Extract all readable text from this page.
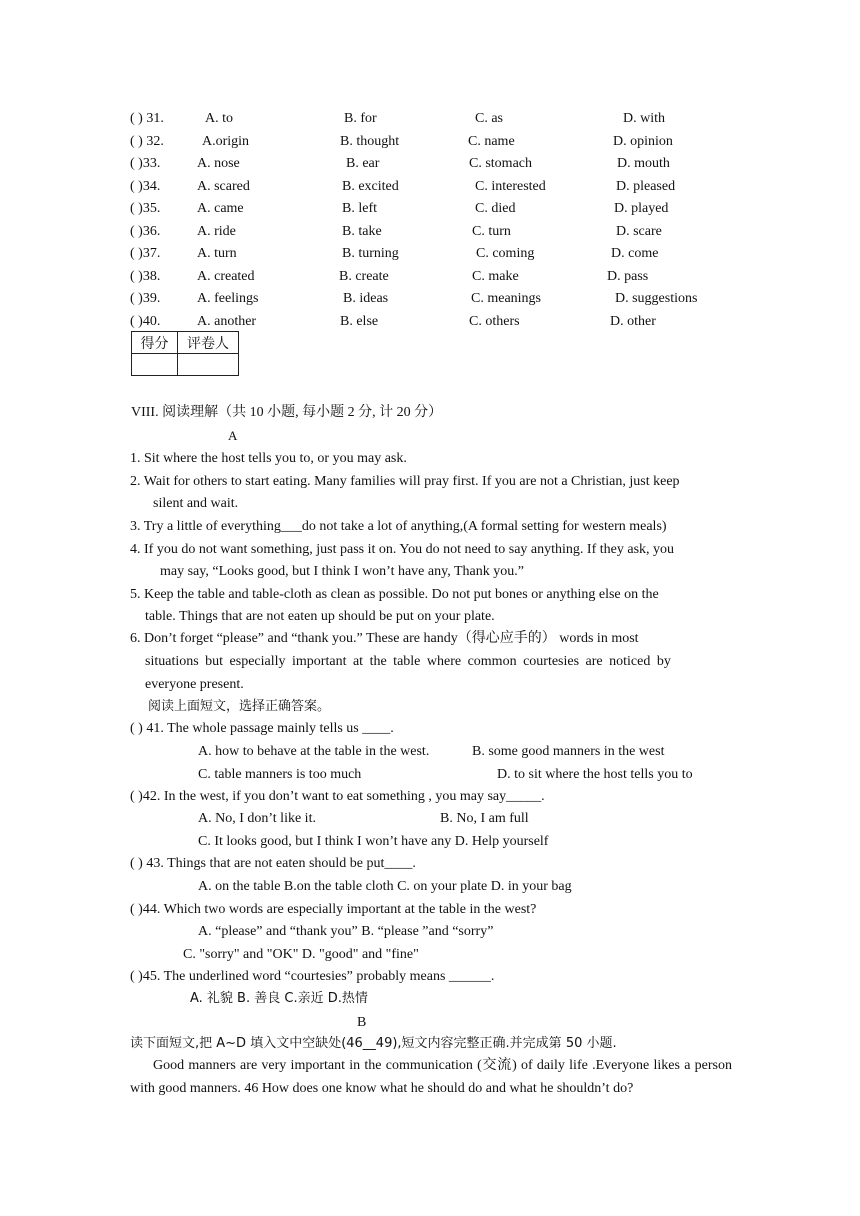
( ) 31.	A. to	B. for	C. as	D. with
( ) 32.	A.origin	B. thought	C. name	D. opinion
( )33.	A. nose	B. ear	C. stomach	D. mouth
( )34.	A. scared	B. excited	C. interested	D. pleased
( )35.	A. came	B. left	C. died	D. played
( )36.	A. ride	B. take	C. turn	D. scare
( )37.	A. turn	B. turning	C. coming	D. come
( )38.	A. created	B. create	C. make	D. pass
( )39.	A. feelings	B. ideas	C. meanings	D. suggestions
( )40.	A. another	B. else	C. others	D. other
得分	评卷人

VIII. 阅读理解（共 10 小题, 每小题 2 分, 计 20 分）
A
1. Sit where the host tells you to, or you may ask.
2. Wait for others to start eating. Many families will pray first. If you are not a Christian, just keep
silent and wait.
3. Try a little of everything___do not take a lot of anything,(A formal setting for western meals)
4. If you do not want something, just pass it on. You do not need to say anything. If they ask, you
may say, “Looks good, but I think I won’t have any, Thank you.”
5. Keep the table and table-cloth as clean as possible. Do not put bones or anything else on the
table. Things that are not eaten up should be put on your plate.
6. Don’t forget “please” and “thank you.” These are handy（得心应手的） words in most
situations but especially important at the table where common courtesies are noticed by
everyone present.
阅读上面短文，选择正确答案。
( ) 41. The whole passage mainly tells us ____.
A. how to behave at the table in the west.	B. some good manners in the west
C. table manners is too much	D. to sit where the host tells you to
( )42. In the west, if you don’t want to eat something , you may say_____.
A. No, I don’t like it.	B. No, I am full
C. It looks good, but I think I won’t have any D. Help yourself
( ) 43. Things that are not eaten should be put____.
A. on the table B.on the table cloth C. on your plate D. in your bag
( )44. Which two words are especially important at the table in the west?
A. “please” and “thank you” B. “please ”and “sorry”
C. "sorry" and "OK" D. "good" and "fine"
( )45. The underlined word “courtesies” probably means ______.
A. 礼貌 B. 善良 C.亲近 D.热情
B
读下面短文,把 A~D 填入文中空缺处(46__49),短文内容完整正确.并完成第 50 小题.
Good manners are very important in the communication (交流) of daily life .Everyone likes a person with good manners. 46 How does one know what he should do and what he shouldn’t do?
